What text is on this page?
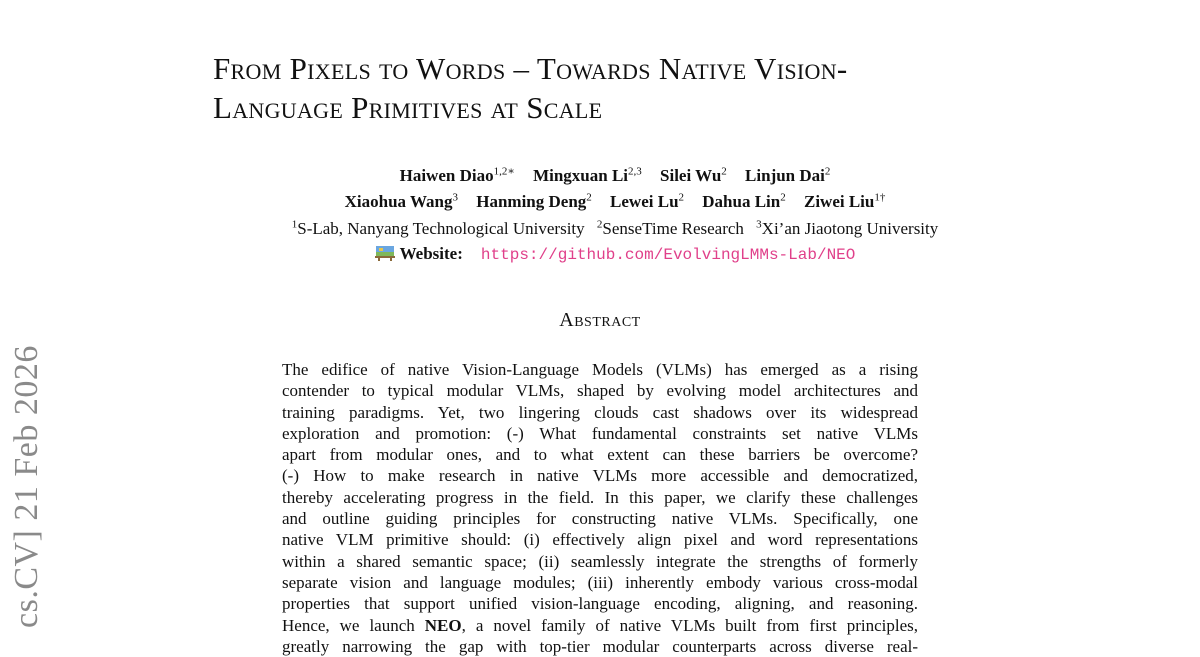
cs.CV] 21 Feb 2026
From Pixels to Words – Towards Native Vision-
Language Primitives at Scale
Haiwen Diao$^{1,2∗}$ Mingxuan Li$^{2,3}$ Silei Wu$^2$ Linjun Dai$^2$
Xiaohua Wang$^3$ Hanming Deng$^2$ Lewei Lu$^2$ Dahua Lin$^2$ Ziwei Liu$^{1\dagger}$
$^1$S-Lab, Nanyang Technological University $^2$SenseTime Research $^3$Xi’an Jiaotong University
Website: https://github.com/EvolvingLMMs-Lab/NEO
Abstract
The edifice of native Vision-Language Models (VLMs) has emerged as a rising
contender to typical modular VLMs, shaped by evolving model architectures and
training paradigms. Yet, two lingering clouds cast shadows over its widespread
exploration and promotion: (-) What fundamental constraints set native VLMs
apart from modular ones, and to what extent can these barriers be overcome?
(-) How to make research in native VLMs more accessible and democratized,
thereby accelerating progress in the field. In this paper, we clarify these challenges
and outline guiding principles for constructing native VLMs. Specifically, one
native VLM primitive should: (i) effectively align pixel and word representations
within a shared semantic space; (ii) seamlessly integrate the strengths of formerly
separate vision and language modules; (iii) inherently embody various cross-modal
properties that support unified vision-language encoding, aligning, and reasoning.
Hence, we launch NEO, a novel family of native VLMs built from first principles,
greatly narrowing the gap with top-tier modular counterparts across diverse real-
